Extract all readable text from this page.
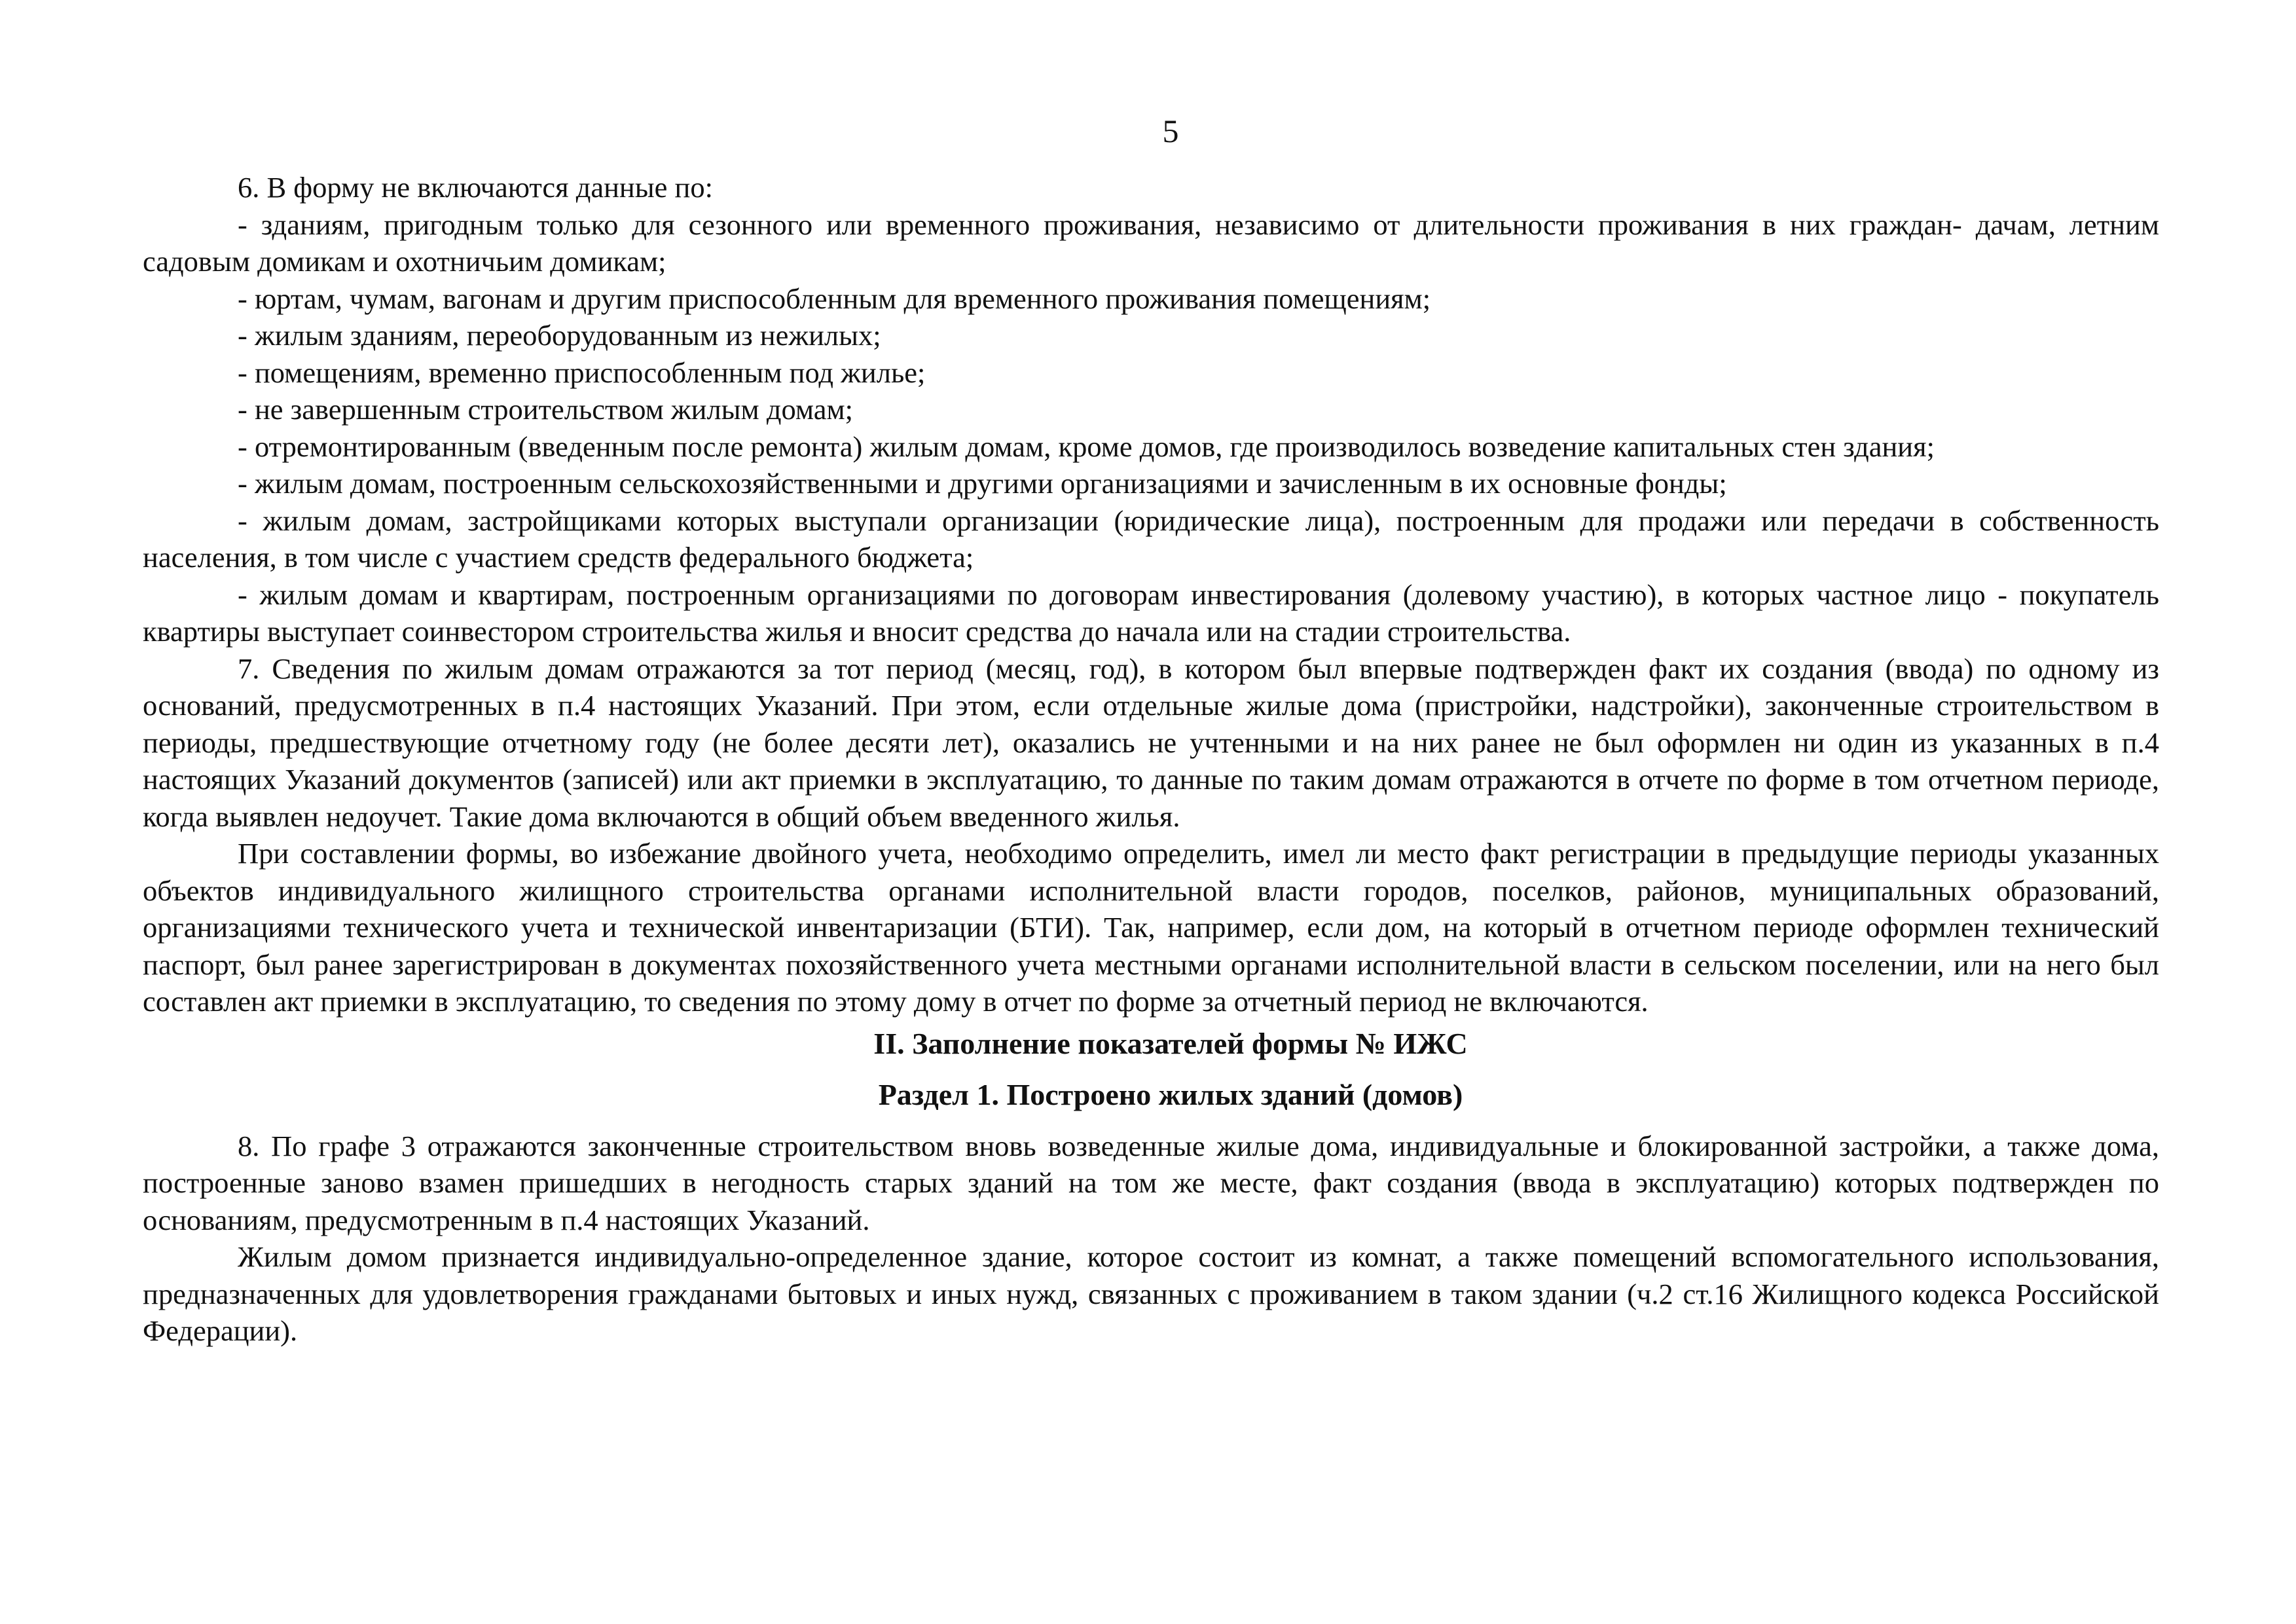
5

6. В форму не включаются данные по:

- зданиям, пригодным только для сезонного или временного проживания, независимо от длительности проживания в них граждан- дачам, летним садовым домикам и охотничьим домикам;

- юртам, чумам, вагонам и другим приспособленным для временного проживания помещениям;

- жилым зданиям, переоборудованным из нежилых;

- помещениям, временно приспособленным под жилье;

- не завершенным строительством жилым домам;

- отремонтированным (введенным после ремонта) жилым домам, кроме домов, где производилось возведение капитальных стен здания;

- жилым домам, построенным сельскохозяйственными и другими организациями и зачисленным в их основные фонды;

- жилым домам, застройщиками которых выступали организации (юридические лица), построенным для продажи или передачи в собственность населения, в том числе с участием средств федерального бюджета;

- жилым домам и квартирам, построенным организациями по договорам инвестирования (долевому участию), в которых частное лицо - покупатель квартиры выступает соинвестором строительства жилья и вносит средства до начала или на стадии строительства.

7. Сведения по жилым домам отражаются за тот период (месяц, год), в котором был впервые подтвержден факт их создания (ввода) по одному из оснований, предусмотренных в п.4 настоящих Указаний. При этом, если отдельные жилые дома (пристройки, надстройки), законченные строительством в периоды, предшествующие отчетному году (не более десяти лет), оказались не учтенными и на них ранее не был оформлен ни один из указанных в п.4 настоящих Указаний документов (записей) или акт приемки в эксплуатацию, то данные по таким домам отражаются в отчете по форме в том отчетном периоде, когда выявлен недоучет. Такие дома включаются в общий объем введенного жилья.

При составлении формы, во избежание двойного учета, необходимо определить, имел ли место факт регистрации в предыдущие периоды указанных объектов индивидуального жилищного строительства органами исполнительной власти городов, поселков, районов, муниципальных образований, организациями технического учета и технической инвентаризации (БТИ). Так, например, если дом, на который в отчетном периоде оформлен технический паспорт, был ранее зарегистрирован в документах похозяйственного учета местными органами исполнительной власти в сельском поселении, или на него был составлен акт приемки в эксплуатацию, то сведения по этому дому в отчет по форме за отчетный период не включаются.

II. Заполнение показателей формы № ИЖС
Раздел 1. Построено жилых зданий (домов)

8. По графе 3 отражаются законченные строительством вновь возведенные жилые дома, индивидуальные и блокированной застройки, а также дома, построенные заново взамен пришедших в негодность старых зданий на том же месте, факт создания (ввода в эксплуатацию) которых подтвержден по основаниям, предусмотренным в п.4 настоящих Указаний.

Жилым домом признается индивидуально-определенное здание, которое состоит из комнат, а также помещений вспомогательного использования, предназначенных для удовлетворения гражданами бытовых и иных нужд, связанных с проживанием в таком здании (ч.2 ст.16 Жилищного кодекса Российской Федерации).
